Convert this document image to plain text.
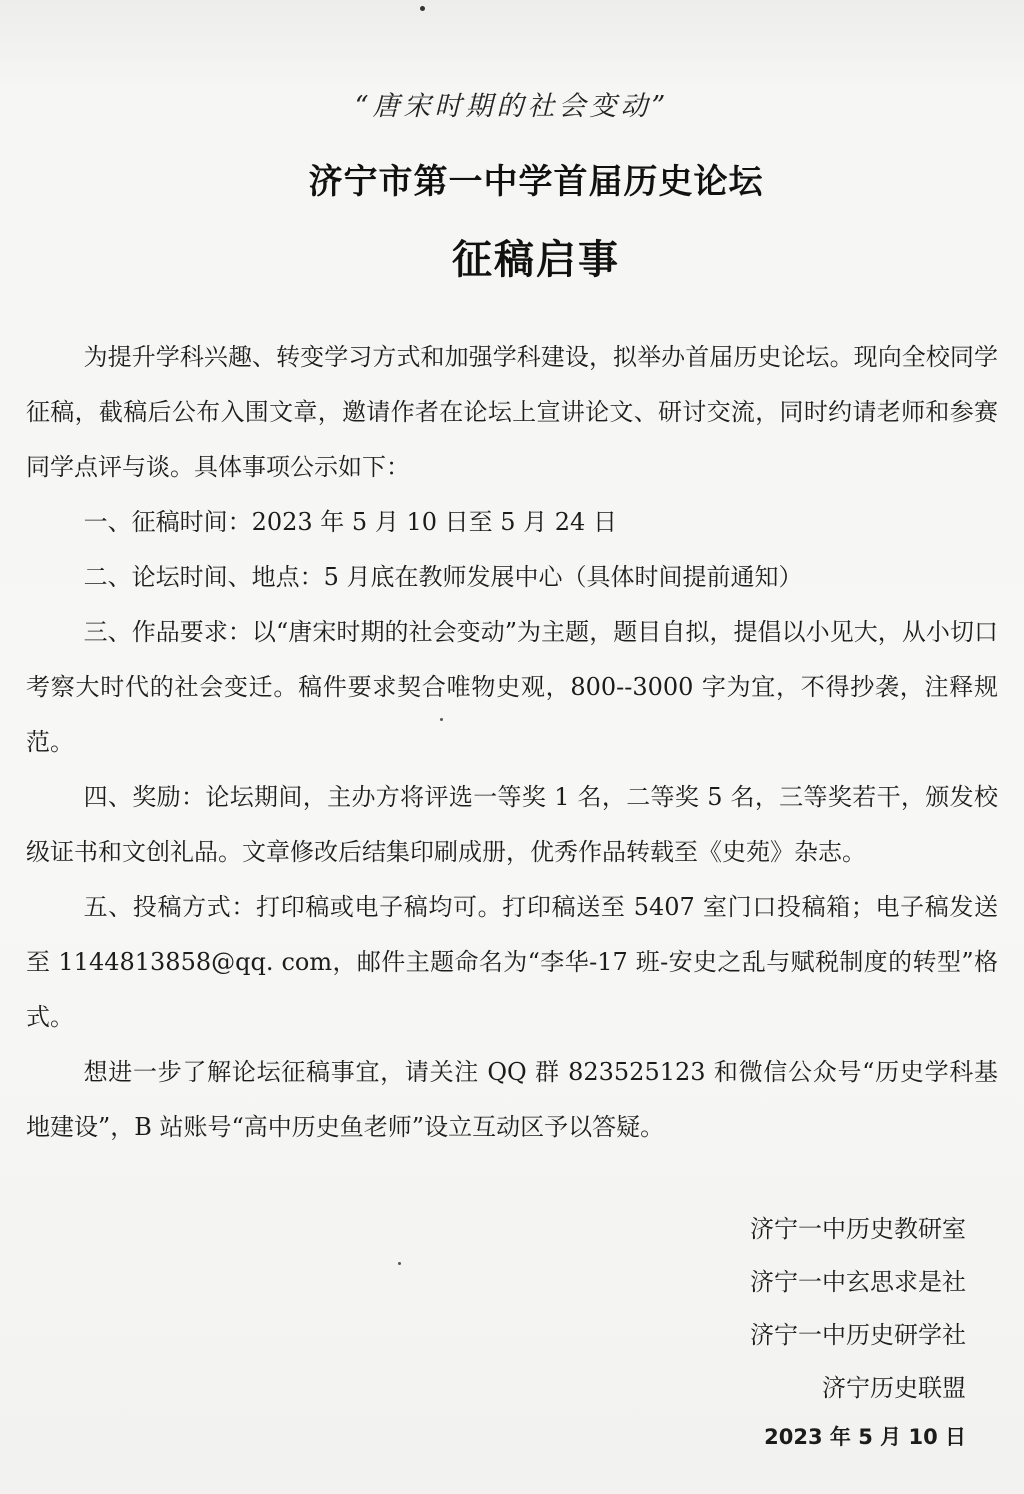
“唐宋时期的社会变动”
济宁市第一中学首届历史论坛
征稿启事

为提升学科兴趣、转变学习方式和加强学科建设，拟举办首届历史论坛。现向全校同学征稿，截稿后公布入围文章，邀请作者在论坛上宣讲论文、研讨交流，同时约请老师和参赛同学点评与谈。具体事项公示如下：

一、征稿时间：2023 年 5 月 10 日至 5 月 24 日

二、论坛时间、地点：5 月底在教师发展中心（具体时间提前通知）

三、作品要求：以“唐宋时期的社会变动”为主题，题目自拟，提倡以小见大，从小切口考察大时代的社会变迁。稿件要求契合唯物史观，800--3000 字为宜，不得抄袭，注释规范。

四、奖励：论坛期间，主办方将评选一等奖 1 名，二等奖 5 名，三等奖若干，颁发校级证书和文创礼品。文章修改后结集印刷成册，优秀作品转载至《史苑》杂志。

五、投稿方式：打印稿或电子稿均可。打印稿送至 5407 室门口投稿箱；电子稿发送至 1144813858@qq. com，邮件主题命名为“李华-17 班-安史之乱与赋税制度的转型”格式。

想进一步了解论坛征稿事宜，请关注 QQ 群 823525123 和微信公众号“历史学科基地建设”，B 站账号“高中历史鱼老师”设立互动区予以答疑。

济宁一中历史教研室
济宁一中玄思求是社
济宁一中历史研学社
济宁历史联盟
2023 年 5 月 10 日
